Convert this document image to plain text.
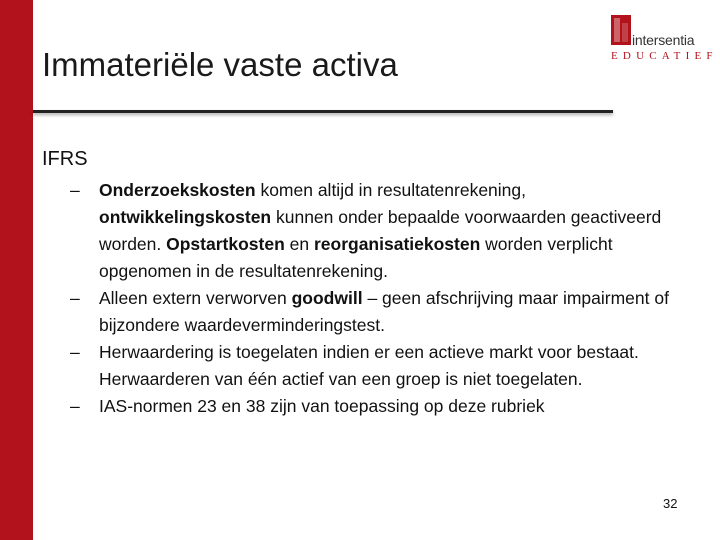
Immateriële vaste activa
intersentia
EDUCATIEF
IFRS
– Onderzoekskosten komen altijd in resultatenrekening, ontwikkelingskosten kunnen onder bepaalde voorwaarden geactiveerd worden. Opstartkosten en reorganisatiekosten worden verplicht opgenomen in de resultatenrekening.
– Alleen extern verworven goodwill – geen afschrijving maar impairment of bijzondere waardeverminderingstest.
– Herwaardering is toegelaten indien er een actieve markt voor bestaat. Herwaarderen van één actief van een groep is niet toegelaten.
– IAS-normen 23 en 38 zijn van toepassing op deze rubriek
32
